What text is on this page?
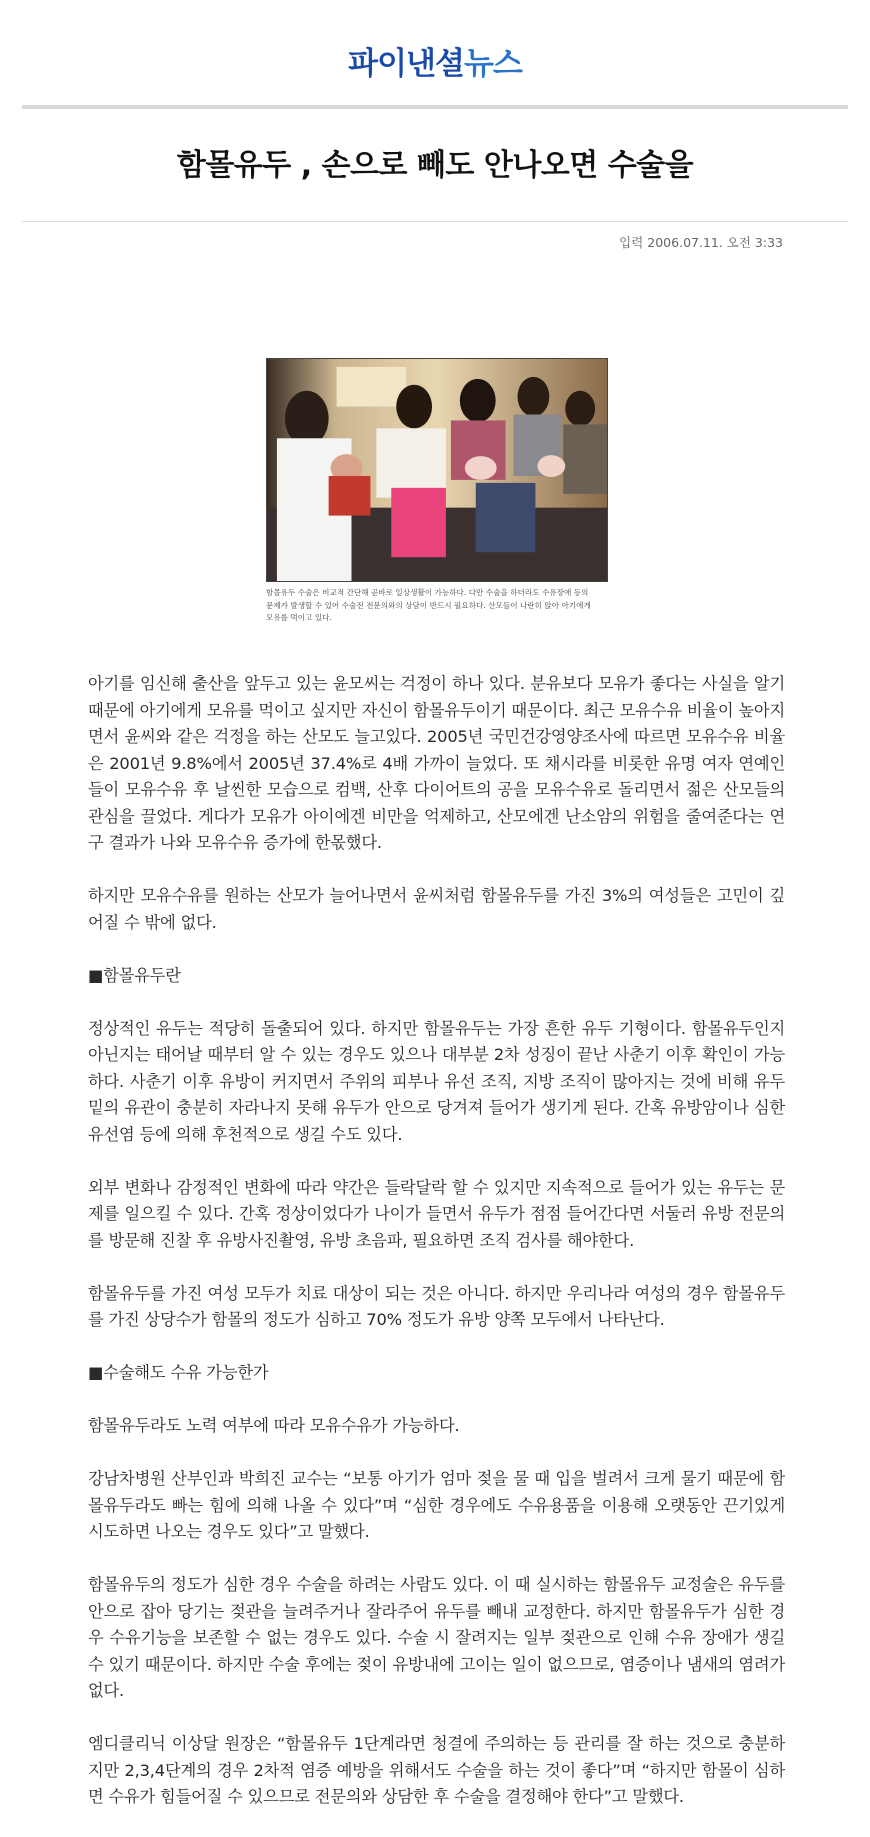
파이낸셜뉴스
함몰유두 , 손으로 빼도 안나오면 수술을
입력 2006.07.11. 오전 3:33
함몰유두 수술은 비교적 간단해 곧바로 일상생활이 가능하다. 다만 수술을 하더라도 수유장애 등의 문제가 발생할 수 있어 수술전 전문의와의 상담이 반드시 필요하다. 산모들이 나란히 앉아 아기에게 모유를 먹이고 있다.

아기를 임신해 출산을 앞두고 있는 윤모씨는 걱정이 하나 있다. 분유보다 모유가 좋다는 사실을 알기 때문에 아기에게 모유를 먹이고 싶지만 자신이 함몰유두이기 때문이다. 최근 모유수유 비율이 높아지면서 윤씨와 같은 걱정을 하는 산모도 늘고있다. 2005년 국민건강영양조사에 따르면 모유수유 비율은 2001년 9.8%에서 2005년 37.4%로 4배 가까이 늘었다. 또 채시라를 비롯한 유명 여자 연예인들이 모유수유 후 날씬한 모습으로 컴백, 산후 다이어트의 공을 모유수유로 돌리면서 젊은 산모들의 관심을 끌었다. 게다가 모유가 아이에겐 비만을 억제하고, 산모에겐 난소암의 위험을 줄여준다는 연구 결과가 나와 모유수유 증가에 한몫했다.

하지만 모유수유를 원하는 산모가 늘어나면서 윤씨처럼 함몰유두를 가진 3%의 여성들은 고민이 깊어질 수 밖에 없다.

■함몰유두란

정상적인 유두는 적당히 돌출되어 있다. 하지만 함몰유두는 가장 흔한 유두 기형이다. 함몰유두인지 아닌지는 태어날 때부터 알 수 있는 경우도 있으나 대부분 2차 성징이 끝난 사춘기 이후 확인이 가능하다. 사춘기 이후 유방이 커지면서 주위의 피부나 유선 조직, 지방 조직이 많아지는 것에 비해 유두 밑의 유관이 충분히 자라나지 못해 유두가 안으로 당겨져 들어가 생기게 된다. 간혹 유방암이나 심한 유선염 등에 의해 후천적으로 생길 수도 있다.

외부 변화나 감정적인 변화에 따라 약간은 들락달락 할 수 있지만 지속적으로 들어가 있는 유두는 문제를 일으킬 수 있다. 간혹 정상이었다가 나이가 들면서 유두가 점점 들어간다면 서둘러 유방 전문의를 방문해 진찰 후 유방사진촬영, 유방 초음파, 필요하면 조직 검사를 해야한다.

함몰유두를 가진 여성 모두가 치료 대상이 되는 것은 아니다. 하지만 우리나라 여성의 경우 함몰유두를 가진 상당수가 함몰의 정도가 심하고 70% 정도가 유방 양쪽 모두에서 나타난다.

■수술해도 수유 가능한가

함몰유두라도 노력 여부에 따라 모유수유가 가능하다.

강남차병원 산부인과 박희진 교수는 “보통 아기가 엄마 젖을 물 때 입을 벌려서 크게 물기 때문에 함몰유두라도 빠는 힘에 의해 나올 수 있다”며 “심한 경우에도 수유용품을 이용해 오랫동안 끈기있게 시도하면 나오는 경우도 있다”고 말했다.

함몰유두의 정도가 심한 경우 수술을 하려는 사람도 있다. 이 때 실시하는 함몰유두 교정술은 유두를 안으로 잡아 당기는 젖관을 늘려주거나 잘라주어 유두를 빼내 교정한다. 하지만 함몰유두가 심한 경우 수유기능을 보존할 수 없는 경우도 있다. 수술 시 잘려지는 일부 젖관으로 인해 수유 장애가 생길 수 있기 때문이다. 하지만 수술 후에는 젖이 유방내에 고이는 일이 없으므로, 염증이나 냄새의 염려가 없다.

엠디클리닉 이상달 원장은 “함몰유두 1단계라면 청결에 주의하는 등 관리를 잘 하는 것으로 충분하지만 2,3,4단계의 경우 2차적 염증 예방을 위해서도 수술을 하는 것이 좋다”며 “하지만 함몰이 심하면 수유가 힘들어질 수 있으므로 전문의와 상담한 후 수술을 결정해야 한다”고 말했다.
